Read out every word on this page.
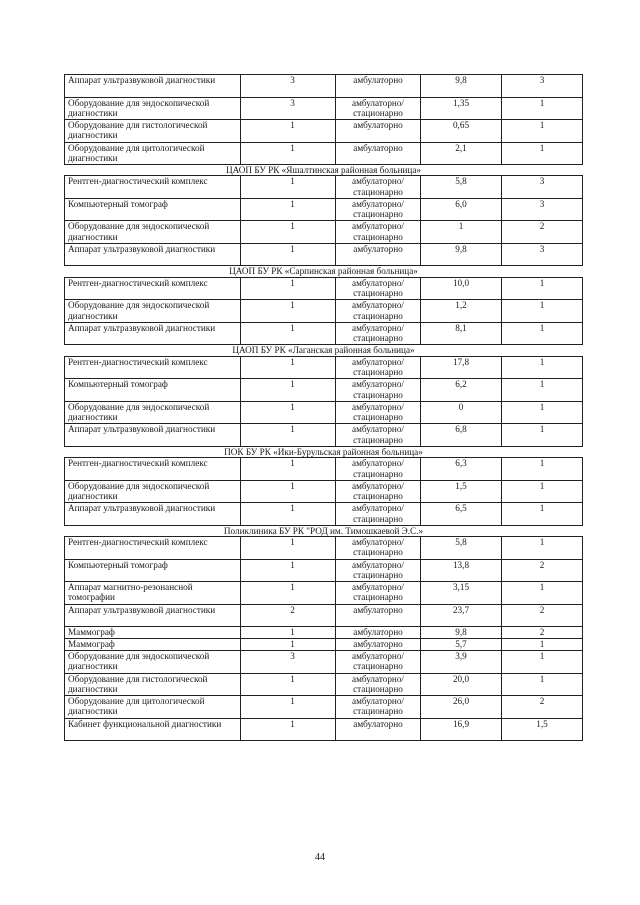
Аппарат ультразвуковой диагностики	3	амбулаторно	9,8	3
Оборудование для эндоскопической диагностики	3	амбулаторно/ стационарно	1,35	1
Оборудование для гистологической диагностики	1	амбулаторно	0,65	1
Оборудование для цитологической диагностики	1	амбулаторно	2,1	1
ЦАОП БУ РК «Яшалтинская районная больница»				
Рентген-диагностический комплекс	1	амбулаторно/ стационарно	5,8	3
Компьютерный томограф	1	амбулаторно/ стационарно	6,0	3
Оборудование для эндоскопической диагностики	1	амбулаторно/ стационарно	1	2
Аппарат ультразвуковой диагностики	1	амбулаторно	9,8	3
ЦАОП БУ РК «Сарпинская районная больница»				
Рентген-диагностический комплекс	1	амбулаторно/ стационарно	10,0	1
Оборудование для эндоскопической диагностики	1	амбулаторно/ стационарно	1,2	1
Аппарат ультразвуковой диагностики	1	амбулаторно/ стационарно	8,1	1
ЦАОП БУ РК «Лаганская районная больница»				
Рентген-диагностический комплекс	1	амбулаторно/ стационарно	17,8	1
Компьютерный томограф	1	амбулаторно/ стационарно	6,2	1
Оборудование для эндоскопической диагностики	1	амбулаторно/ стационарно	0	1
Аппарат ультразвуковой диагностики	1	амбулаторно/ стационарно	6,8	1
ПОК БУ РК «Ики-Бурульская районная больница»				
Рентген-диагностический комплекс	1	амбулаторно/ стационарно	6,3	1
Оборудование для эндоскопической диагностики	1	амбулаторно/ стационарно	1,5	1
Аппарат ультразвуковой диагностики	1	амбулаторно/ стационарно	6,5	1
Поликлиника БУ РК "РОД им. Тимошкаевой Э.С.»				
Рентген-диагностический комплекс	1	амбулаторно/ стационарно	5,8	1
Компьютерный томограф	1	амбулаторно/ стационарно	13,8	2
Аппарат магнитно-резонансной томографии	1	амбулаторно/ стационарно	3,15	1
Аппарат ультразвуковой диагностики	2	амбулаторно	23,7	2
Маммограф	1	амбулаторно	9,8	2
Маммограф	1	амбулаторно	5,7	1
Оборудование для эндоскопической диагностики	3	амбулаторно/ стационарно	3,9	1
Оборудование для гистологической диагностики	1	амбулаторно/ стационарно	20,0	1
Оборудование для цитологической диагностики	1	амбулаторно/ стационарно	26,0	2
Кабинет функциональной диагностики	1	амбулаторно	16,9	1,5
44
